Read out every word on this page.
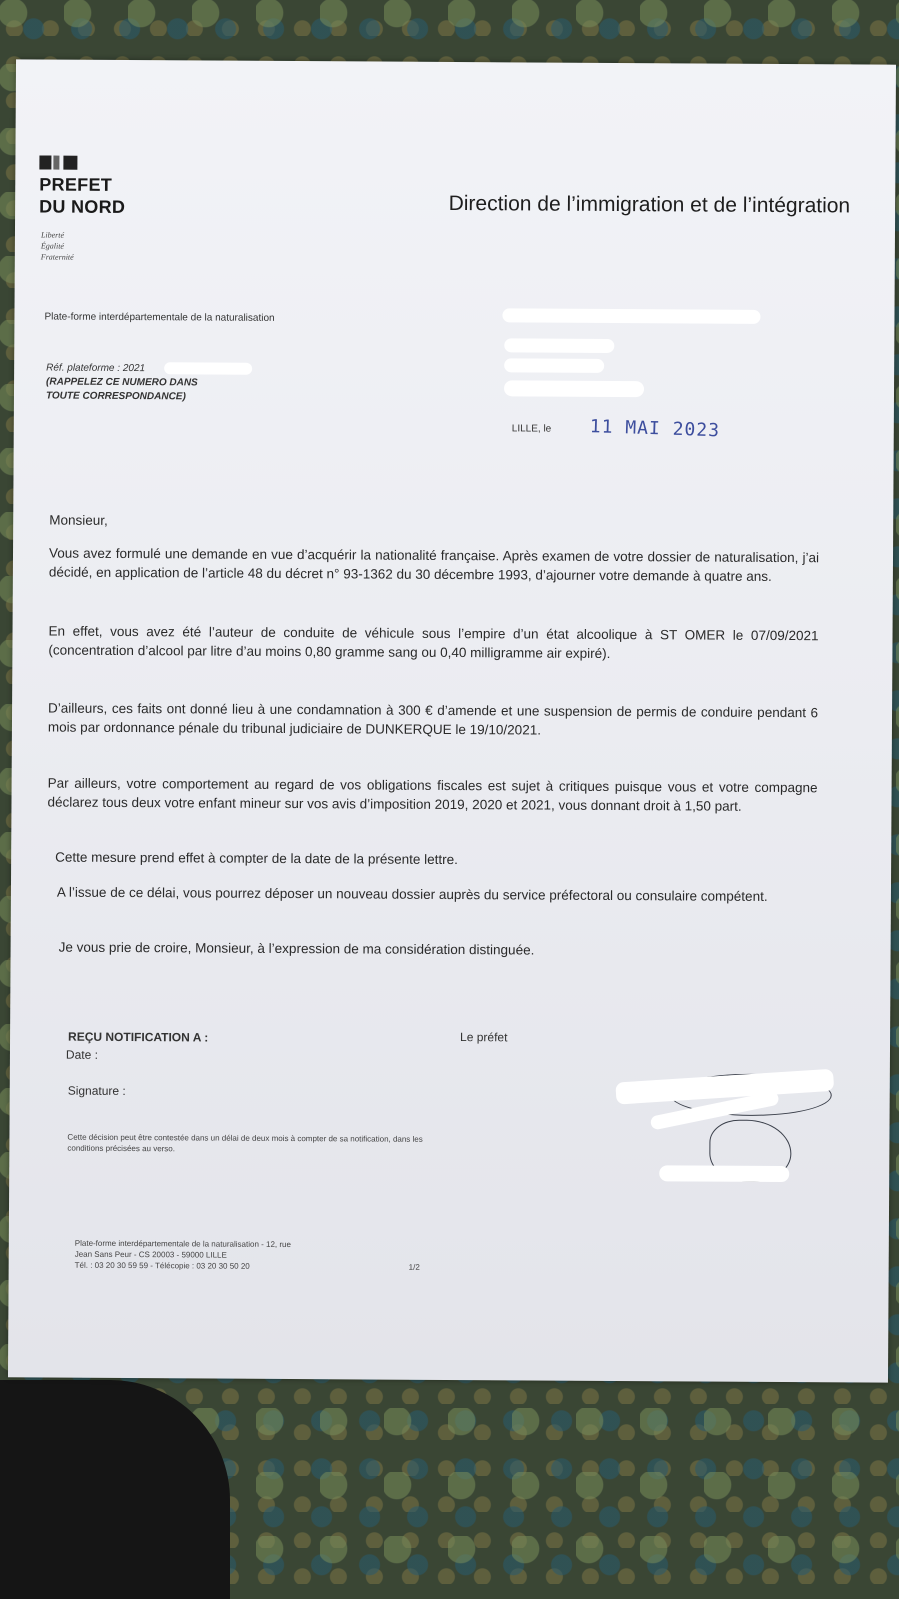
PREFET
DU NORD
Liberté
Égalité
Fraternité
Direction de l’immigration et de l’intégration
Plate-forme interdépartementale de la naturalisation
Réf. plateforme : 2021
(RAPPELEZ CE NUMERO DANS
TOUTE CORRESPONDANCE)
LILLE, le 11 MAI 2023
Monsieur,
Vous avez formulé une demande en vue d’acquérir la nationalité française. Après examen de votre dossier de naturalisation, j’ai décidé, en application de l’article 48 du décret n° 93-1362 du 30 décembre 1993, d’ajourner votre demande à quatre ans.
En effet, vous avez été l’auteur de conduite de véhicule sous l’empire d’un état alcoolique à ST OMER le 07/09/2021 (concentration d’alcool par litre d’au moins 0,80 gramme sang ou 0,40 milligramme air expiré).
D’ailleurs, ces faits ont donné lieu à une condamnation à 300 € d’amende et une suspension de permis de conduire pendant 6 mois par ordonnance pénale du tribunal judiciaire de DUNKERQUE le 19/10/2021.
Par ailleurs, votre comportement au regard de vos obligations fiscales est sujet à critiques puisque vous et votre compagne déclarez tous deux votre enfant mineur sur vos avis d’imposition 2019, 2020 et 2021, vous donnant droit à 1,50 part.
Cette mesure prend effet à compter de la date de la présente lettre.
A l’issue de ce délai, vous pourrez déposer un nouveau dossier auprès du service préfectoral ou consulaire compétent.
Je vous prie de croire, Monsieur, à l’expression de ma considération distinguée.
REÇU NOTIFICATION A :
Date :
Signature :
Le préfet
Cette décision peut être contestée dans un délai de deux mois à compter de sa notification, dans les conditions précisées au verso.
Plate-forme interdépartementale de la naturalisation - 12, rue
Jean Sans Peur - CS 20003 - 59000 LILLE
Tél. : 03 20 30 59 59 - Télécopie : 03 20 30 50 20	1/2
